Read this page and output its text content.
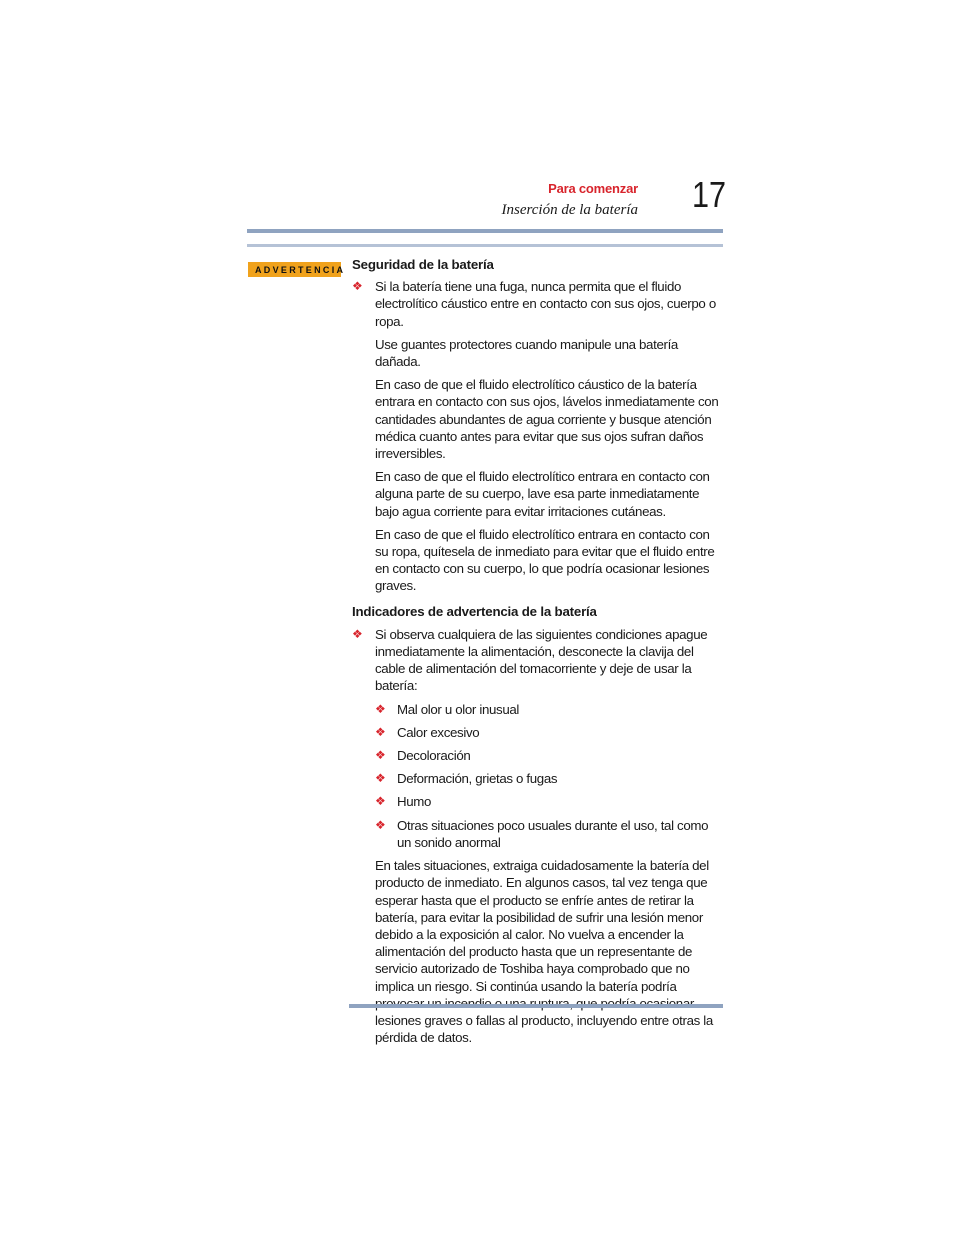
Para comenzar
Inserción de la batería 17
ADVERTENCIA Seguridad de la batería
❖ Si la batería tiene una fuga, nunca permita que el fluido electrolítico cáustico entre en contacto con sus ojos, cuerpo o ropa.
Use guantes protectores cuando manipule una batería dañada.
En caso de que el fluido electrolítico cáustico de la batería entrara en contacto con sus ojos, lávelos inmediatamente con cantidades abundantes de agua corriente y busque atención médica cuanto antes para evitar que sus ojos sufran daños irreversibles.
En caso de que el fluido electrolítico entrara en contacto con alguna parte de su cuerpo, lave esa parte inmediatamente bajo agua corriente para evitar irritaciones cutáneas.
En caso de que el fluido electrolítico entrara en contacto con su ropa, quítesela de inmediato para evitar que el fluido entre en contacto con su cuerpo, lo que podría ocasionar lesiones graves.
Indicadores de advertencia de la batería
❖ Si observa cualquiera de las siguientes condiciones apague inmediatamente la alimentación, desconecte la clavija del cable de alimentación del tomacorriente y deje de usar la batería:
❖ Mal olor u olor inusual
❖ Calor excesivo
❖ Decoloración
❖ Deformación, grietas o fugas
❖ Humo
❖ Otras situaciones poco usuales durante el uso, tal como un sonido anormal
En tales situaciones, extraiga cuidadosamente la batería del producto de inmediato. En algunos casos, tal vez tenga que esperar hasta que el producto se enfríe antes de retirar la batería, para evitar la posibilidad de sufrir una lesión menor debido a la exposición al calor. No vuelva a encender la alimentación del producto hasta que un representante de servicio autorizado de Toshiba haya comprobado que no implica un riesgo. Si continúa usando la batería podría lesiones graves o fallas al producto, incluyendo entre otras la pérdida de datos.
